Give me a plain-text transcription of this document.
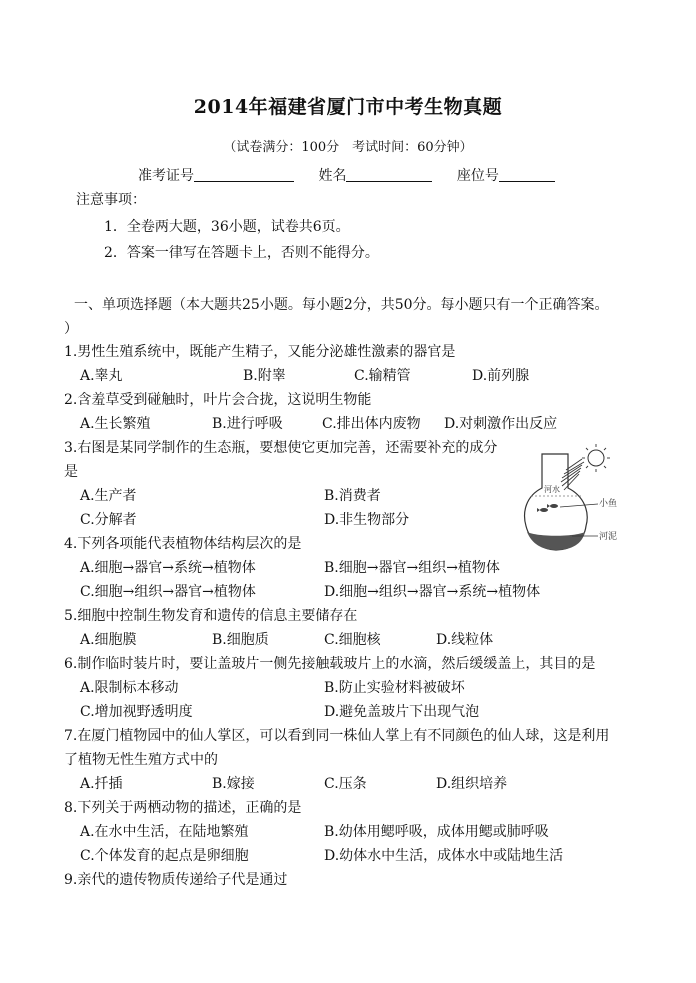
2014年福建省厦门市中考生物真题
（试卷满分：100分　考试时间：60分钟）
准考证号	姓名	座位号
注意事项：
1．全卷两大题，36小题，试卷共6页。
2．答案一律写在答题卡上，否则不能得分。
一、单项选择题（本大题共25小题。每小题2分，共50分。每小题只有一个正确答案。
）
1.男性生殖系统中，既能产生精子，又能分泌雄性激素的器官是
A.睾丸	B.附睾	C.输精管	D.前列腺
2.含羞草受到碰触时，叶片会合拢，这说明生物能
A.生长繁殖	B.进行呼吸	C.排出体内废物 D.对刺激作出反应
3.右图是某同学制作的生态瓶，要想使它更加完善，还需要补充的成分
是
A.生产者	B.消费者
C.分解者	D.非生物部分
河水
小鱼
河泥
4.下列各项能代表植物体结构层次的是
A.细胞→器官→系统→植物体	B.细胞→器官→组织→植物体
C.细胞→组织→器官→植物体	D.细胞→组织→器官→系统→植物体
5.细胞中控制生物发育和遗传的信息主要储存在
A.细胞膜	B.细胞质	C.细胞核	D.线粒体
6.制作临时装片时，要让盖玻片一侧先接触载玻片上的水滴，然后缓缓盖上，其目的是
A.限制标本移动	B.防止实验材料被破坏
C.增加视野透明度	D.避免盖玻片下出现气泡
7.在厦门植物园中的仙人掌区，可以看到同一株仙人掌上有不同颜色的仙人球，这是利用
了植物无性生殖方式中的
A.扦插	B.嫁接	C.压条	D.组织培养
8.下列关于两栖动物的描述，正确的是
A.在水中生活，在陆地繁殖	B.幼体用鳃呼吸，成体用鳃或肺呼吸
C.个体发育的起点是卵细胞	D.幼体水中生活，成体水中或陆地生活
9.亲代的遗传物质传递给子代是通过
